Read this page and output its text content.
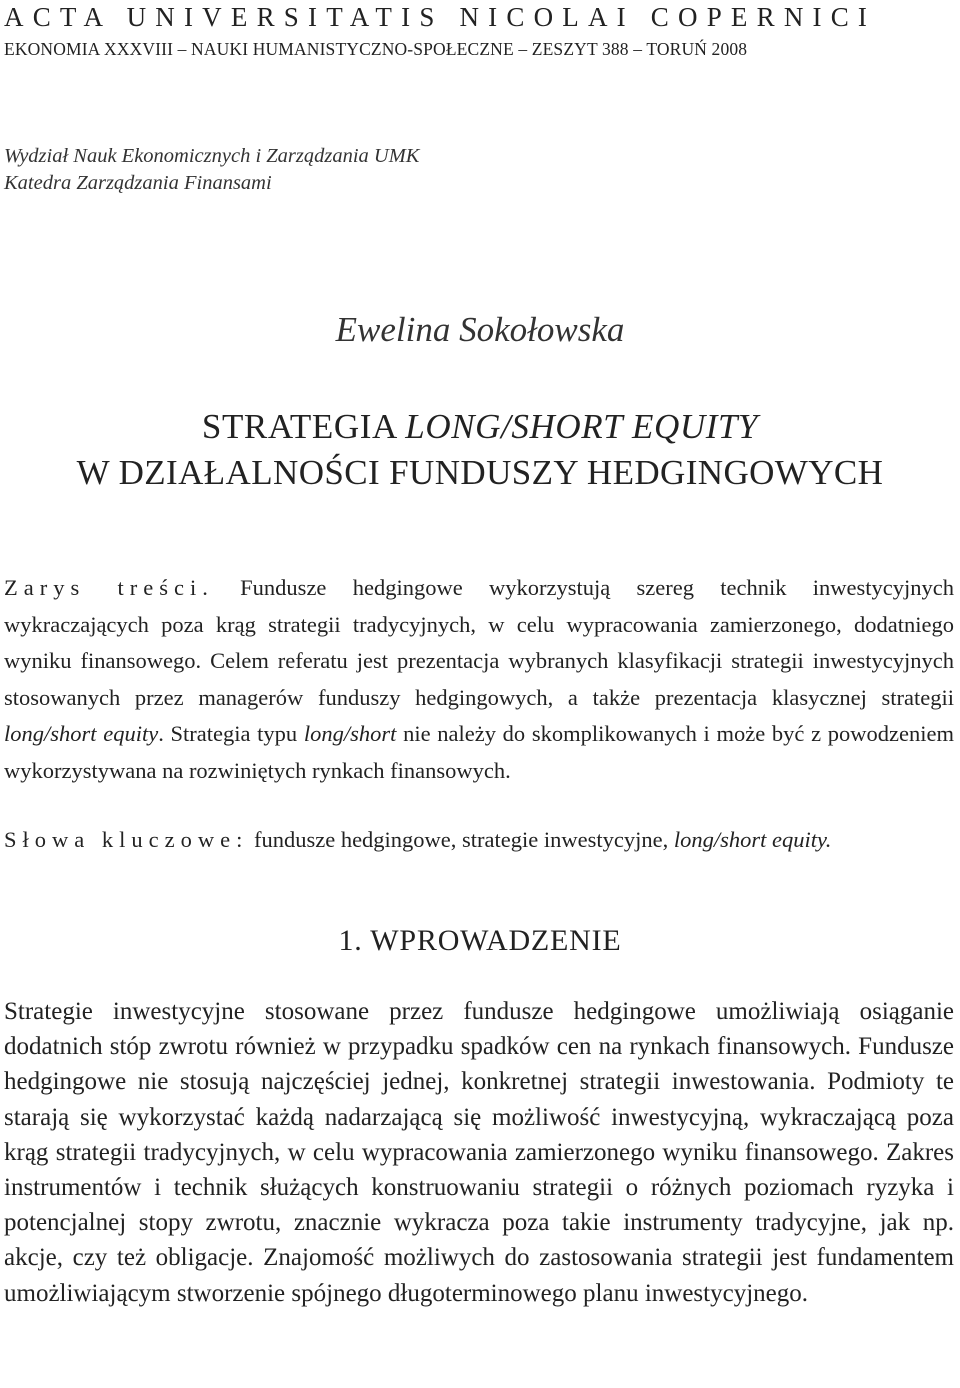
ACTA UNIVERSITATIS NICOLAI COPERNICI
EKONOMIA XXXVIII – NAUKI HUMANISTYCZNO-SPOŁECZNE – ZESZYT 388 – TORUŃ 2008
Wydział Nauk Ekonomicznych i Zarządzania UMK
Katedra Zarządzania Finansami
Ewelina Sokołowska
STRATEGIA LONG/SHORT EQUITY
W DZIAŁALNOŚCI FUNDUSZY HEDGINGOWYCH

Zarys treści. Fundusze hedgingowe wykorzystują szereg technik inwestycyjnych wykraczających poza krąg strategii tradycyjnych, w celu wypracowania zamierzonego, dodatniego wyniku finansowego. Celem referatu jest prezentacja wybranych klasyfikacji strategii inwestycyjnych stosowanych przez managerów funduszy hedgingowych, a także prezentacja klasycznej strategii long/short equity. Strategia typu long/short nie należy do skomplikowanych i może być z powodzeniem wykorzystywana na rozwiniętych rynkach finansowych.

Słowa kluczowe: fundusze hedgingowe, strategie inwestycyjne, long/short equity.

1. WPROWADZENIE

Strategie inwestycyjne stosowane przez fundusze hedgingowe umożliwiają osiąganie dodatnich stóp zwrotu również w przypadku spadków cen na rynkach finansowych. Fundusze hedgingowe nie stosują najczęściej jednej, konkretnej strategii inwestowania. Podmioty te starają się wykorzystać każdą nadarzającą się możliwość inwestycyjną, wykraczającą poza krąg strategii tradycyjnych, w celu wypracowania zamierzonego wyniku finansowego. Zakres instrumentów i technik służących konstruowaniu strategii o różnych poziomach ryzyka i potencjalnej stopy zwrotu, znacznie wykracza poza takie instrumenty tradycyjne, jak np. akcje, czy też obligacje. Znajomość możliwych do zastosowania strategii jest fundamentem umożliwiającym stworzenie spójnego długoterminowego planu inwestycyjnego.
